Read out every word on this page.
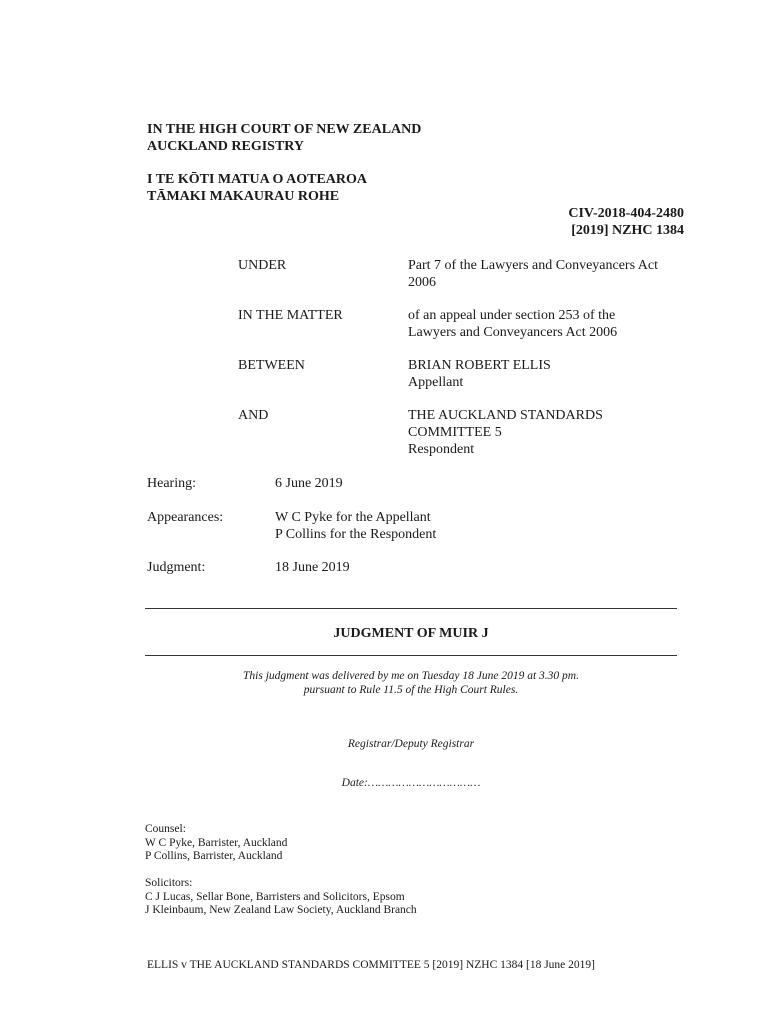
IN THE HIGH COURT OF NEW ZEALAND
AUCKLAND REGISTRY
I TE KŌTI MATUA O AOTEAROA
TĀMAKI MAKAURAU ROHE
CIV-2018-404-2480
[2019] NZHC 1384
UNDER	Part 7 of the Lawyers and Conveyancers Act
2006
IN THE MATTER	of an appeal under section 253 of the
Lawyers and Conveyancers Act 2006
BETWEEN	BRIAN ROBERT ELLIS
Appellant
AND	THE AUCKLAND STANDARDS
COMMITTEE 5
Respondent
Hearing:	6 June 2019
Appearances:	W C Pyke for the Appellant
P Collins for the Respondent
Judgment:	18 June 2019
JUDGMENT OF MUIR J
This judgment was delivered by me on Tuesday 18 June 2019 at 3.30 pm.
pursuant to Rule 11.5 of the High Court Rules.
Registrar/Deputy Registrar
Date:……………………………
Counsel:
W C Pyke, Barrister, Auckland
P Collins, Barrister, Auckland
Solicitors:
C J Lucas, Sellar Bone, Barristers and Solicitors, Epsom
J Kleinbaum, New Zealand Law Society, Auckland Branch
ELLIS v THE AUCKLAND STANDARDS COMMITTEE 5 [2019] NZHC 1384 [18 June 2019]
